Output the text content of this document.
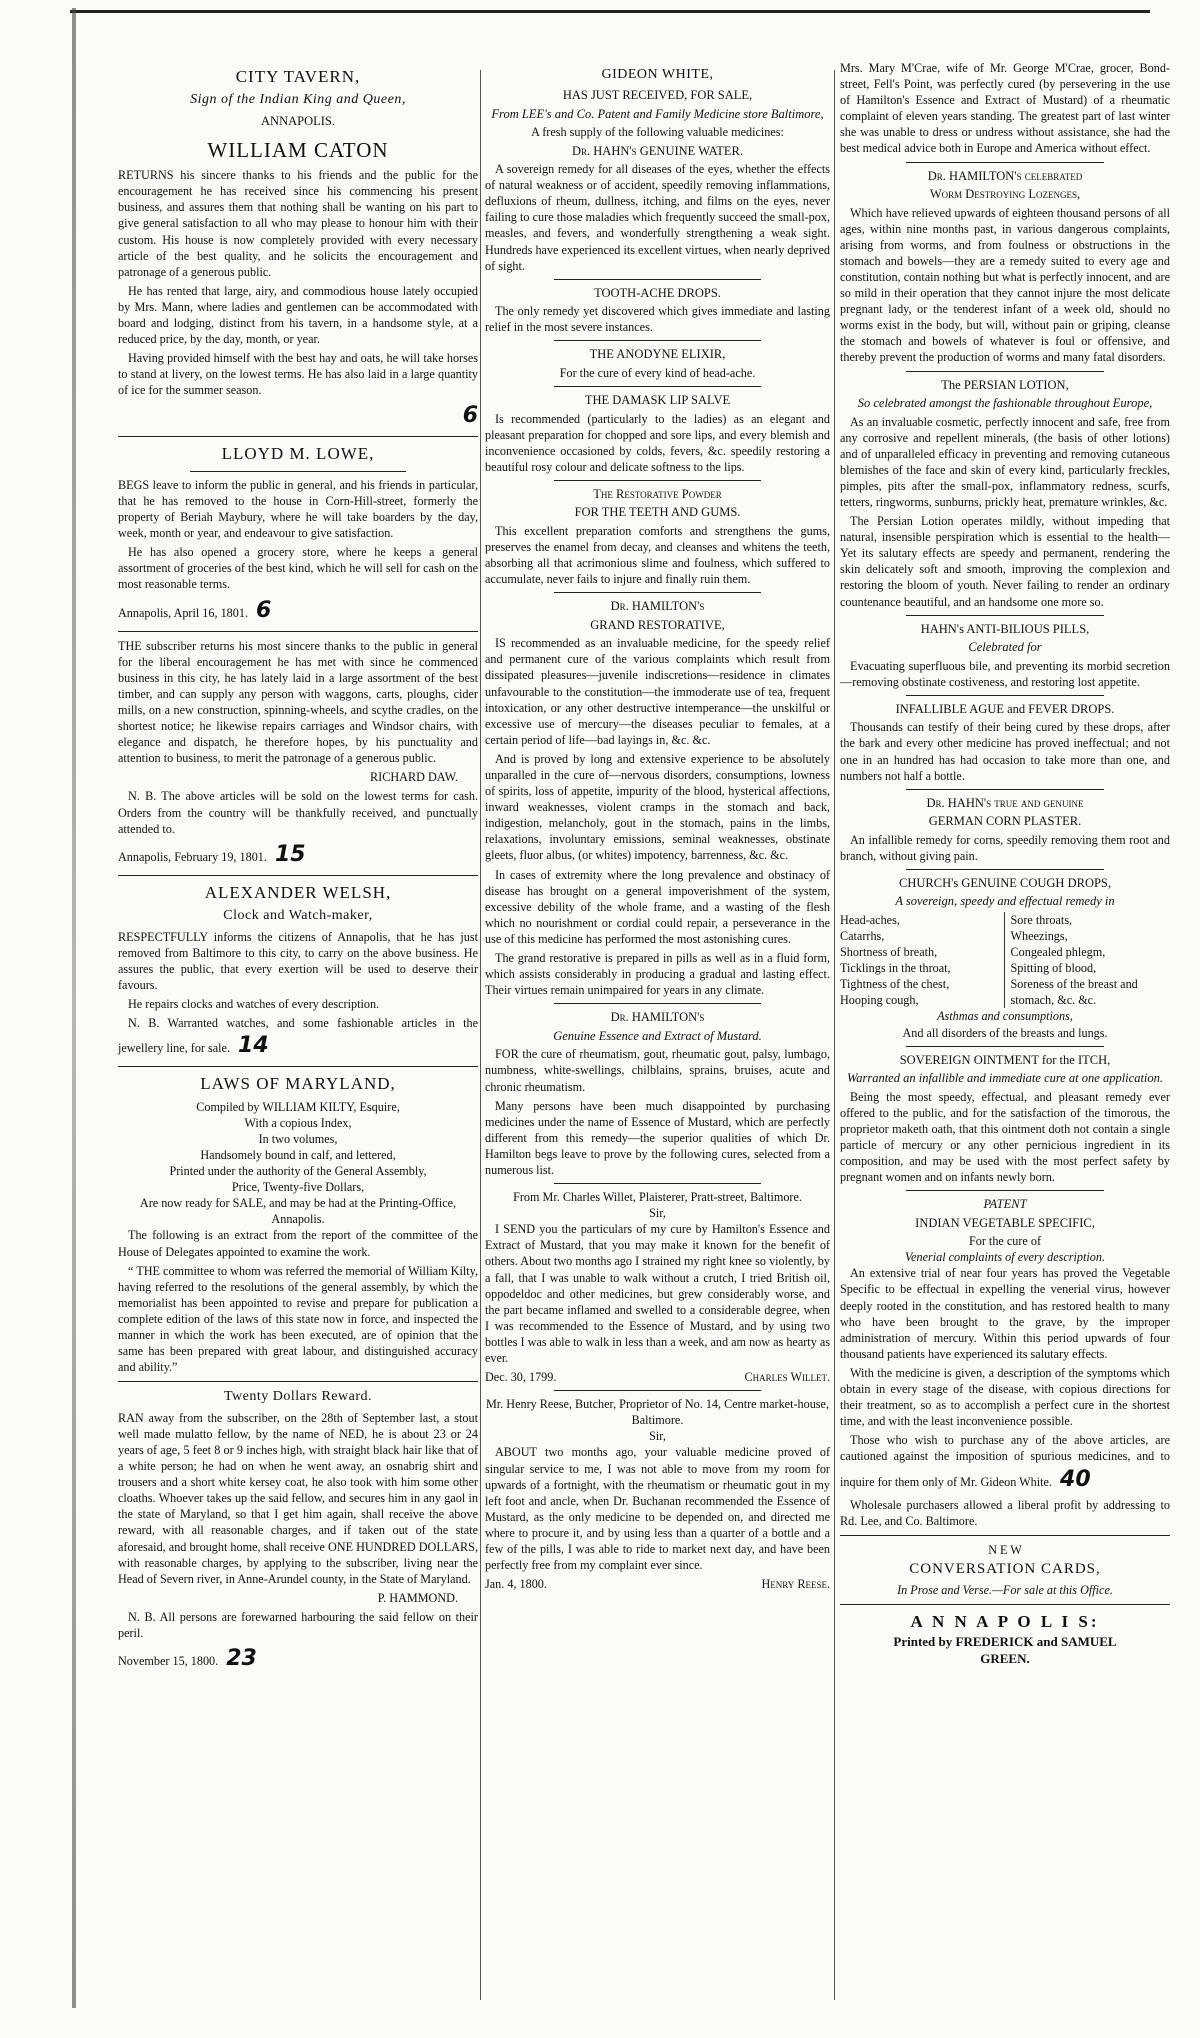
CITY TAVERN,
Sign of the Indian King and Queen,
ANNAPOLIS.
WILLIAM CATON

RETURNS his sincere thanks to his friends and the public for the encouragement he has received since his commencing his present business, and assures them that nothing shall be wanting on his part to give general satisfaction to all who may please to honour him with their custom. His house is now completely provided with every necessary article of the best quality, and he solicits the encouragement and patronage of a generous public.

He has rented that large, airy, and commodious house lately occupied by Mrs. Mann, where ladies and gentlemen can be accommodated with board and lodging, distinct from his tavern, in a handsome style, at a reduced price, by the day, month, or year.

Having provided himself with the best hay and oats, he will take horses to stand at livery, on the lowest terms. He has also laid in a large quantity of ice for the summer season.

6
LLOYD M. LOWE,

BEGS leave to inform the public in general, and his friends in particular, that he has removed to the house in Corn-Hill-street, formerly the property of Beriah Maybury, where he will take boarders by the day, week, month or year, and endeavour to give satisfaction.

He has also opened a grocery store, where he keeps a general assortment of groceries of the best kind, which he will sell for cash on the most reasonable terms.

Annapolis, April 16, 1801. 6

THE subscriber returns his most sincere thanks to the public in general for the liberal encouragement he has met with since he commenced business in this city, he has lately laid in a large assortment of the best timber, and can supply any person with waggons, carts, ploughs, cider mills, on a new construction, spinning-wheels, and scythe cradles, on the shortest notice; he likewise repairs carriages and Windsor chairs, with elegance and dispatch, he therefore hopes, by his punctuality and attention to business, to merit the patronage of a generous public.

RICHARD DAW.

N. B. The above articles will be sold on the lowest terms for cash. Orders from the country will be thankfully received, and punctually attended to.

Annapolis, February 19, 1801. 15

ALEXANDER WELSH,
Clock and Watch-maker,

RESPECTFULLY informs the citizens of Annapolis, that he has just removed from Baltimore to this city, to carry on the above business. He assures the public, that every exertion will be used to deserve their favours.

He repairs clocks and watches of every description.

N. B. Warranted watches, and some fashionable articles in the jewellery line, for sale. 14

LAWS OF MARYLAND,
Compiled by WILLIAM KILTY, Esquire,
With a copious Index,
In two volumes,
Handsomely bound in calf, and lettered,
Printed under the authority of the General Assembly,
Price, Twenty-five Dollars,
Are now ready for SALE, and may be had at the Printing-Office, Annapolis.

The following is an extract from the report of the committee of the House of Delegates appointed to examine the work.

“ THE committee to whom was referred the memorial of William Kilty, having referred to the resolutions of the general assembly, by which the memorialist has been appointed to revise and prepare for publication a complete edition of the laws of this state now in force, and inspected the manner in which the work has been executed, are of opinion that the same has been prepared with great labour, and distinguished accuracy and ability.”

Twenty Dollars Reward.

RAN away from the subscriber, on the 28th of September last, a stout well made mulatto fellow, by the name of NED, he is about 23 or 24 years of age, 5 feet 8 or 9 inches high, with straight black hair like that of a white person; he had on when he went away, an osnabrig shirt and trousers and a short white kersey coat, he also took with him some other cloaths. Whoever takes up the said fellow, and secures him in any gaol in the state of Maryland, so that I get him again, shall receive the above reward, with all reasonable charges, and if taken out of the state aforesaid, and brought home, shall receive ONE HUNDRED DOLLARS, with reasonable charges, by applying to the subscriber, living near the Head of Severn river, in Anne-Arundel county, in the State of Maryland.

P. HAMMOND.

N. B. All persons are forewarned harbouring the said fellow on their peril.

November 15, 1800. 23

GIDEON WHITE,
HAS JUST RECEIVED, FOR SALE,
From LEE's and Co. Patent and Family Medicine store Baltimore,
A fresh supply of the following valuable medicines:
Dr. HAHN's GENUINE WATER.

A sovereign remedy for all diseases of the eyes, whether the effects of natural weakness or of accident, speedily removing inflammations, defluxions of rheum, dullness, itching, and films on the eyes, never failing to cure those maladies which frequently succeed the small-pox, measles, and fevers, and wonderfully strengthening a weak sight. Hundreds have experienced its excellent virtues, when nearly deprived of sight.

TOOTH-ACHE DROPS.

The only remedy yet discovered which gives immediate and lasting relief in the most severe instances.

THE ANODYNE ELIXIR,
For the cure of every kind of head-ache.
THE DAMASK LIP SALVE

Is recommended (particularly to the ladies) as an elegant and pleasant preparation for chopped and sore lips, and every blemish and inconvenience occasioned by colds, fevers, &c. speedily restoring a beautiful rosy colour and delicate softness to the lips.

The Restorative Powder
FOR THE TEETH AND GUMS.

This excellent preparation comforts and strengthens the gums, preserves the enamel from decay, and cleanses and whitens the teeth, absorbing all that acrimonious slime and foulness, which suffered to accumulate, never fails to injure and finally ruin them.

Dr. HAMILTON's
GRAND RESTORATIVE,

IS recommended as an invaluable medicine, for the speedy relief and permanent cure of the various complaints which result from dissipated pleasures—juvenile indiscretions—residence in climates unfavourable to the constitution—the immoderate use of tea, frequent intoxication, or any other destructive intemperance—the unskilful or excessive use of mercury—the diseases peculiar to females, at a certain period of life—bad layings in, &c. &c.

And is proved by long and extensive experience to be absolutely unparalled in the cure of—nervous disorders, consumptions, lowness of spirits, loss of appetite, impurity of the blood, hysterical affections, inward weaknesses, violent cramps in the stomach and back, indigestion, melancholy, gout in the stomach, pains in the limbs, relaxations, involuntary emissions, seminal weaknesses, obstinate gleets, fluor albus, (or whites) impotency, barrenness, &c. &c.

In cases of extremity where the long prevalence and obstinacy of disease has brought on a general impoverishment of the system, excessive debility of the whole frame, and a wasting of the flesh which no nourishment or cordial could repair, a perseverance in the use of this medicine has performed the most astonishing cures.

The grand restorative is prepared in pills as well as in a fluid form, which assists considerably in producing a gradual and lasting effect. Their virtues remain unimpaired for years in any climate.

Dr. HAMILTON's
Genuine Essence and Extract of Mustard.

FOR the cure of rheumatism, gout, rheumatic gout, palsy, lumbago, numbness, white-swellings, chilblains, sprains, bruises, acute and chronic rheumatism.

Many persons have been much disappointed by purchasing medicines under the name of Essence of Mustard, which are perfectly different from this remedy—the superior qualities of which Dr. Hamilton begs leave to prove by the following cures, selected from a numerous list.

From Mr. Charles Willet, Plaisterer, Pratt-street, Baltimore.
Sir,

I SEND you the particulars of my cure by Hamilton's Essence and Extract of Mustard, that you may make it known for the benefit of others. About two months ago I strained my right knee so violently, by a fall, that I was unable to walk without a crutch, I tried British oil, oppodeldoc and other medicines, but grew considerably worse, and the part became inflamed and swelled to a considerable degree, when I was recommended to the Essence of Mustard, and by using two bottles I was able to walk in less than a week, and am now as hearty as ever.

Dec. 30, 1799.	Charles Willet.

Mr. Henry Reese, Butcher, Proprietor of No. 14, Centre market-house, Baltimore.
Sir,

ABOUT two months ago, your valuable medicine proved of singular service to me, I was not able to move from my room for upwards of a fortnight, with the rheumatism or rheumatic gout in my left foot and ancle, when Dr. Buchanan recommended the Essence of Mustard, as the only medicine to be depended on, and directed me where to procure it, and by using less than a quarter of a bottle and a few of the pills, I was able to ride to market next day, and have been perfectly free from my complaint ever since.

Jan. 4, 1800.	Henry Reese.

Mrs. Mary M'Crae, wife of Mr. George M'Crae, grocer, Bond-street, Fell's Point, was perfectly cured (by persevering in the use of Hamilton's Essence and Extract of Mustard) of a rheumatic complaint of eleven years standing. The greatest part of last winter she was unable to dress or undress without assistance, she had the best medical advice both in Europe and America without effect.

Dr. HAMILTON's celebrated
Worm Destroying Lozenges,

Which have relieved upwards of eighteen thousand persons of all ages, within nine months past, in various dangerous complaints, arising from worms, and from foulness or obstructions in the stomach and bowels—they are a remedy suited to every age and constitution, contain nothing but what is perfectly innocent, and are so mild in their operation that they cannot injure the most delicate pregnant lady, or the tenderest infant of a week old, should no worms exist in the body, but will, without pain or griping, cleanse the stomach and bowels of whatever is foul or offensive, and thereby prevent the production of worms and many fatal disorders.

The PERSIAN LOTION,
So celebrated amongst the fashionable throughout Europe,

As an invaluable cosmetic, perfectly innocent and safe, free from any corrosive and repellent minerals, (the basis of other lotions) and of unparalleled efficacy in preventing and removing cutaneous blemishes of the face and skin of every kind, particularly freckles, pimples, pits after the small-pox, inflammatory redness, scurfs, tetters, ringworms, sunburns, prickly heat, premature wrinkles, &c.

The Persian Lotion operates mildly, without impeding that natural, insensible perspiration which is essential to the health—Yet its salutary effects are speedy and permanent, rendering the skin delicately soft and smooth, improving the complexion and restoring the bloom of youth. Never failing to render an ordinary countenance beautiful, and an handsome one more so.

HAHN's ANTI-BILIOUS PILLS,
Celebrated for

Evacuating superfluous bile, and preventing its morbid secretion—removing obstinate costiveness, and restoring lost appetite.

INFALLIBLE AGUE and FEVER DROPS.

Thousands can testify of their being cured by these drops, after the bark and every other medicine has proved ineffectual; and not one in an hundred has had occasion to take more than one, and numbers not half a bottle.

Dr. HAHN's true and genuine
GERMAN CORN PLASTER.

An infallible remedy for corns, speedily removing them root and branch, without giving pain.

CHURCH's GENUINE COUGH DROPS,
A sovereign, speedy and effectual remedy in
Head-aches,
Catarrhs,
Shortness of breath,
Ticklings in the throat,
Tightness of the chest,
Hooping cough,
Sore throats,
Wheezings,
Congealed phlegm,
Spitting of blood,
Soreness of the breast and
stomach, &c. &c.
Asthmas and consumptions,
And all disorders of the breasts and lungs.
SOVEREIGN OINTMENT for the ITCH,
Warranted an infallible and immediate cure at one application.

Being the most speedy, effectual, and pleasant remedy ever offered to the public, and for the satisfaction of the timorous, the proprietor maketh oath, that this ointment doth not contain a single particle of mercury or any other pernicious ingredient in its composition, and may be used with the most perfect safety by pregnant women and on infants newly born.

PATENT
INDIAN VEGETABLE SPECIFIC,
For the cure of
Venerial complaints of every description.

An extensive trial of near four years has proved the Vegetable Specific to be effectual in expelling the venerial virus, however deeply rooted in the constitution, and has restored health to many who have been brought to the grave, by the improper administration of mercury. Within this period upwards of four thousand patients have experienced its salutary effects.

With the medicine is given, a description of the symptoms which obtain in every stage of the disease, with copious directions for their treatment, so as to accomplish a perfect cure in the shortest time, and with the least inconvenience possible.

Those who wish to purchase any of the above articles, are cautioned against the imposition of spurious medicines, and to inquire for them only of Mr. Gideon White. 40

Wholesale purchasers allowed a liberal profit by addressing to Rd. Lee, and Co. Baltimore.

N E W
CONVERSATION CARDS,
In Prose and Verse.—For sale at this Office.
A N N A P O L I S:
Printed by FREDERICK and SAMUEL
GREEN.
